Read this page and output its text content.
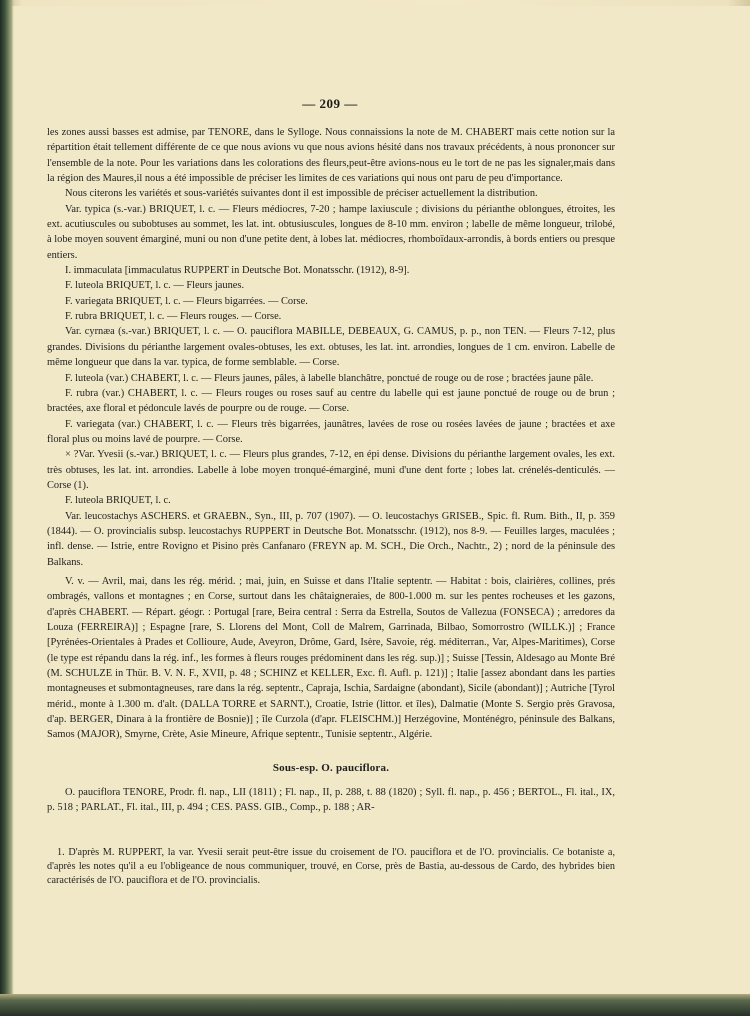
— 209 —

les zones aussi basses est admise, par TENORE, dans le Sylloge. Nous connaissions la note de M. CHABERT mais cette notion sur la répartition était tellement différente de ce que nous avions vu que nous avions hésité dans nos travaux précédents, à nous prononcer sur l'ensemble de la note. Pour les variations dans les colorations des fleurs,peut-être avions-nous eu le tort de ne pas les signaler,mais dans la région des Maures,il nous a été impossible de préciser les limites de ces variations qui nous ont paru de peu d'importance.

Nous citerons les variétés et sous-variétés suivantes dont il est impossible de préciser actuellement la distribution.

Var. typica (s.-var.) BRIQUET, l. c. — Fleurs médiocres, 7-20 ; hampe laxiuscule ; divisions du périanthe oblongues, étroites, les ext. acutiuscules ou subobtuses au sommet, les lat. int. obtusiuscules, longues de 8-10 mm. environ ; labelle de même longueur, trilobé, à lobe moyen souvent émarginé, muni ou non d'une petite dent, à lobes lat. médiocres, rhomboïdaux-arrondis, à bords entiers ou presque entiers.

I. immaculata [immaculatus RUPPERT in Deutsche Bot. Monatsschr. (1912), 8-9].

F. luteola BRIQUET, l. c. — Fleurs jaunes.

F. variegata BRIQUET, l. c. — Fleurs bigarrées. — Corse.

F. rubra BRIQUET, l. c. — Fleurs rouges. — Corse.

Var. cyrnæa (s.-var.) BRIQUET, l. c. — O. pauciflora MABILLE, DEBEAUX, G. CAMUS, p. p., non TEN. — Fleurs 7-12, plus grandes. Divisions du périanthe largement ovales-obtuses, les ext. obtuses, les lat. int. arrondies, longues de 1 cm. environ. Labelle de même longueur que dans la var. typica, de forme semblable. — Corse.

F. luteola (var.) CHABERT, l. c. — Fleurs jaunes, pâles, à labelle blanchâtre, ponctué de rouge ou de rose ; bractées jaune pâle.

F. rubra (var.) CHABERT, l. c. — Fleurs rouges ou roses sauf au centre du labelle qui est jaune ponctué de rouge ou de brun ; bractées, axe floral et pédoncule lavés de pourpre ou de rouge. — Corse.

F. variegata (var.) CHABERT, l. c. — Fleurs très bigarrées, jaunâtres, lavées de rose ou rosées lavées de jaune ; bractées et axe floral plus ou moins lavé de pourpre. — Corse.

× ?Var. Yvesii (s.-var.) BRIQUET, l. c. — Fleurs plus grandes, 7-12, en épi dense. Divisions du périanthe largement ovales, les ext. très obtuses, les lat. int. arrondies. Labelle à lobe moyen tronqué-émarginé, muni d'une dent forte ; lobes lat. crénelés-denticulés. — Corse (1).

F. luteola BRIQUET, l. c.

Var. leucostachys ASCHERS. et GRAEBN., Syn., III, p. 707 (1907). — O. leucostachys GRISEB., Spic. fl. Rum. Bith., II, p. 359 (1844). — O. provincialis subsp. leucostachys RUPPERT in Deutsche Bot. Monatsschr. (1912), nos 8-9. — Feuilles larges, maculées ; infl. dense. — Istrie, entre Rovigno et Pisino près Canfanaro (FREYN ap. M. SCH., Die Orch., Nachtr., 2) ; nord de la péninsule des Balkans.

V. v. — Avril, mai, dans les rég. mérid. ; mai, juin, en Suisse et dans l'Italie septentr. — Habitat : bois, clairières, collines, prés ombragés, vallons et montagnes ; en Corse, surtout dans les châtaigneraies, de 800-1.000 m. sur les pentes rocheuses et les gazons, d'après CHABERT. — Répart. géogr. : Portugal [rare, Beira central : Serra da Estrella, Soutos de Vallezua (FONSECA) ; arredores da Louza (FERREIRA)] ; Espagne [rare, S. Llorens del Mont, Coll de Malrem, Garrinada, Bilbao, Somorrostro (WILLK.)] ; France [Pyrénées-Orientales à Prades et Collioure, Aude, Aveyron, Drôme, Gard, Isère, Savoie, rég. méditerran., Var, Alpes-Maritimes), Corse (le type est répandu dans la rég. inf., les formes à fleurs rouges prédominent dans les rég. sup.)] ; Suisse [Tessin, Aldesago au Monte Bré (M. SCHULZE in Thür. B. V. N. F., XVII, p. 48 ; SCHINZ et KELLER, Exc. fl. Aufl. p. 121)] ; Italie [assez abondant dans les parties montagneuses et submontagneuses, rare dans la rég. septentr., Capraja, Ischia, Sardaigne (abondant), Sicile (abondant)] ; Autriche [Tyrol mérid., monte à 1.300 m. d'alt. (DALLA TORRE et SARNT.), Croatie, Istrie (littor. et îles), Dalmatie (Monte S. Sergio près Gravosa, d'ap. BERGER, Dinara à la frontière de Bosnie)] ; île Curzola (d'apr. FLEISCHM.)] Herzégovine, Monténégro, péninsule des Balkans, Samos (MAJOR), Smyrne, Crète, Asie Mineure, Afrique septentr., Tunisie septentr., Algérie.

Sous-esp. O. pauciflora.

O. pauciflora TENORE, Prodr. fl. nap., LII (1811) ; Fl. nap., II, p. 288, t. 88 (1820) ; Syll. fl. nap., p. 456 ; BERTOL., Fl. ital., IX, p. 518 ; PARLAT., Fl. ital., III, p. 494 ; CES. PASS. GIB., Comp., p. 188 ; AR-

1. D'après M. RUPPERT, la var. Yvesii serait peut-être issue du croisement de l'O. pauciflora et de l'O. provincialis. Ce botaniste a, d'après les notes qu'il a eu l'obligeance de nous communiquer, trouvé, en Corse, près de Bastia, au-dessous de Cardo, des hybrides bien caractérisés de l'O. pauciflora et de l'O. provincialis.
